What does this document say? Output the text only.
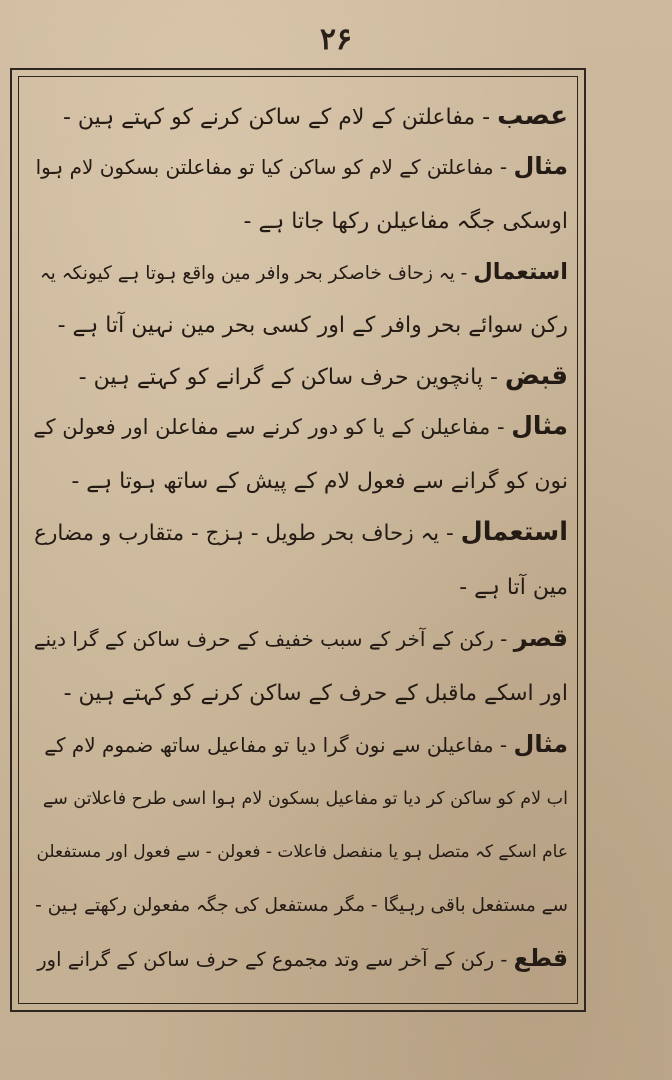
۲۶
عصب - مفاعلتن کے لام کے ساکن کرنے کو کہتے ہین -
مثال - مفاعلتن کے لام کو ساکن کیا تو مفاعلتن بسکون لام ہوا
اوسکی جگہ مفاعیلن رکھا جاتا ہے -
استعمال - یہ زحاف خاصکر بحر وافر مین واقع ہوتا ہے کیونکہ یہ
رکن سوائے بحر وافر کے اور کسی بحر مین نہین آتا ہے -
قبض - پانچوین حرف ساکن کے گرانے کو کہتے ہین -
مثال - مفاعیلن کے یا کو دور کرنے سے مفاعلن اور فعولن کے
نون کو گرانے سے فعول لام کے پیش کے ساتھ ہوتا ہے -
استعمال - یہ زحاف بحر طویل - ہزج - متقارب و مضارع
مین آتا ہے -
قصر - رکن کے آخر کے سبب خفیف کے حرف ساکن کے گرا دینے
اور اسکے ماقبل کے حرف کے ساکن کرنے کو کہتے ہین -
مثال - مفاعیلن سے نون گرا دیا تو مفاعیل ساتھ ضموم لام کے
اب لام کو ساکن کر دیا تو مفاعیل بسکون لام ہوا اسی طرح فاعلاتن سے
عام اسکے کہ متصل ہو یا منفصل فاعلات - فعولن - سے فعول اور مستفعلن
سے مستفعل باقی رہیگا - مگر مستفعل کی جگہ مفعولن رکھتے ہین -
قطع - رکن کے آخر سے وتد مجموع کے حرف ساکن کے گرانے اور
